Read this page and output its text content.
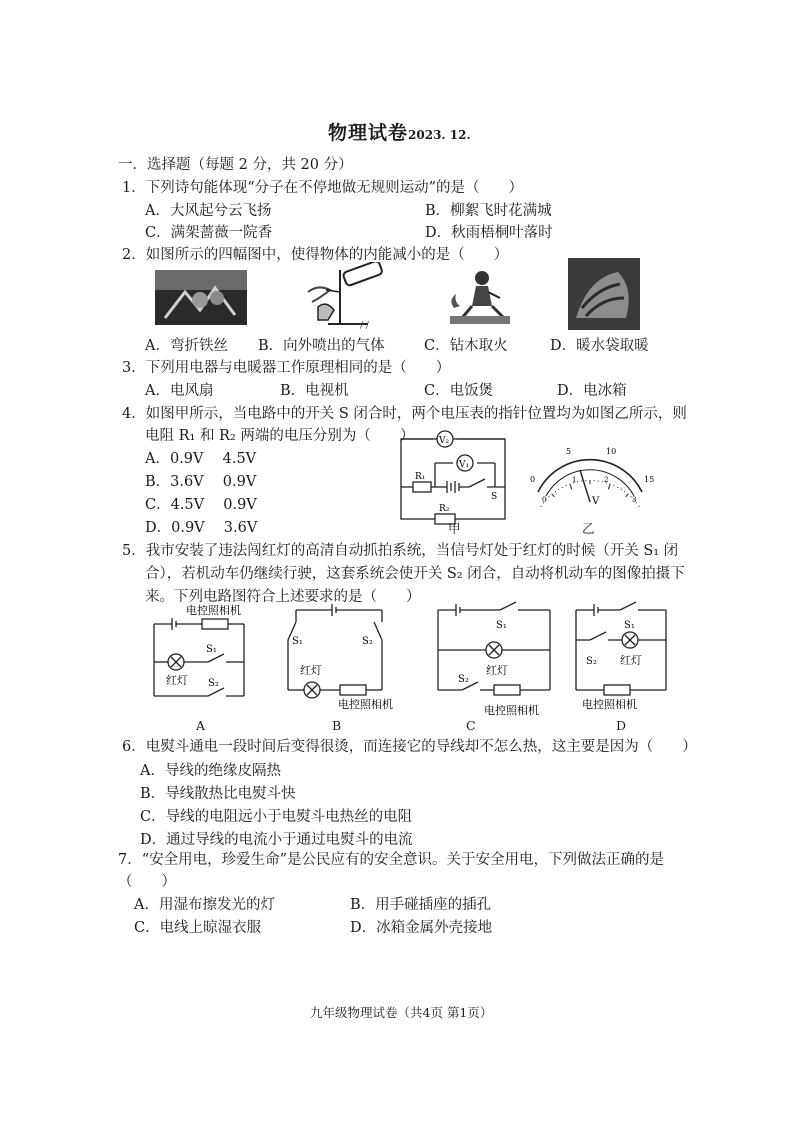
物理试卷2023. 12.
一．选择题（每题 2 分，共 20 分）
1．下列诗句能体现“分子在不停地做无规则运动”的是（　　）
A．大风起兮云飞扬	B．柳絮飞时花满城
C．满架蔷薇一院香	D．秋雨梧桐叶落时
2．如图所示的四幅图中，使得物体的内能减小的是（　　）
/ /
A．弯折铁丝 B．向外喷出的气体	C．钻木取火	D．暖水袋取暖
3．下列用电器与电暖器工作原理相同的是（　　）
A．电风扇	B．电视机	C．电饭煲	D．电冰箱
4．如图甲所示，当电路中的开关 S 闭合时，两个电压表的指针位置均为如图乙所示，则
电阻 R₁ 和 R₂ 两端的电压分别为（　　）
A．0.9V　 4.5V
B．3.6V　 0.9V
C．4.5V　 0.9V
D．0.9V　 3.6V
V₂
V₁
R₁
R₂
S
甲
0
5	10
15
0
1	2
3
V
乙
5．我市安装了违法闯红灯的高清自动抓拍系统，当信号灯处于红灯的时候（开关 S₁ 闭
合），若机动车仍继续行驶，这套系统会使开关 S₂ 闭合，自动将机动车的图像拍摄下
来。下列电路图符合上述要求的是（　　）
电控照相机
S₁
红灯 S₂
S₁	S₂
红灯
电控照相机
S₁
红灯
S₂
电控照相机
S₁
S₂ 红灯
电控照相机
A	B	C	D
6．电熨斗通电一段时间后变得很烫，而连接它的导线却不怎么热，这主要是因为（　　）
A．导线的绝缘皮隔热
B．导线散热比电熨斗快
C．导线的电阻远小于电熨斗电热丝的电阻
D．通过导线的电流小于通过电熨斗的电流
7．“安全用电，珍爱生命”是公民应有的安全意识。关于安全用电，下列做法正确的是
（　　）
A．用湿布擦发光的灯	B．用手碰插座的插孔
C．电线上晾湿衣服	D．冰箱金属外壳接地
九年级物理试卷（共4页 第1页）
